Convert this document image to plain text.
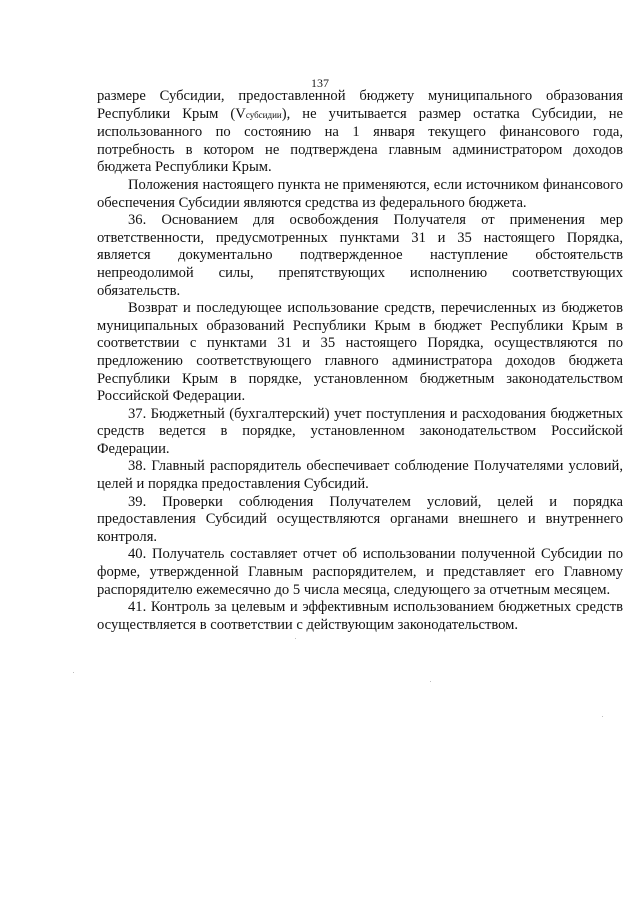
137

размере Субсидии, предоставленной бюджету муниципального образования Республики Крым (Vсубсидии), не учитывается размер остатка Субсидии, не использованного по состоянию на 1 января текущего финансового года, потребность в котором не подтверждена главным администратором доходов бюджета Республики Крым.

Положения настоящего пункта не применяются, если источником финансового обеспечения Субсидии являются средства из федерального бюджета.

36. Основанием для освобождения Получателя от применения мер ответственности, предусмотренных пунктами 31 и 35 настоящего Порядка, является документально подтвержденное наступление обстоятельств непреодолимой силы, препятствующих исполнению соответствующих обязательств.

Возврат и последующее использование средств, перечисленных из бюджетов муниципальных образований Республики Крым в бюджет Республики Крым в соответствии с пунктами 31 и 35 настоящего Порядка, осуществляются по предложению соответствующего главного администратора доходов бюджета Республики Крым в порядке, установленном бюджетным законодательством Российской Федерации.

37. Бюджетный (бухгалтерский) учет поступления и расходования бюджетных средств ведется в порядке, установленном законодательством Российской Федерации.

38. Главный распорядитель обеспечивает соблюдение Получателями условий, целей и порядка предоставления Субсидий.

39. Проверки соблюдения Получателем условий, целей и порядка предоставления Субсидий осуществляются органами внешнего и внутреннего контроля.

40. Получатель составляет отчет об использовании полученной Субсидии по форме, утвержденной Главным распорядителем, и представляет его Главному распорядителю ежемесячно до 5 числа месяца, следующего за отчетным месяцем.

41. Контроль за целевым и эффективным использованием бюджетных средств осуществляется в соответствии с действующим законодательством.
